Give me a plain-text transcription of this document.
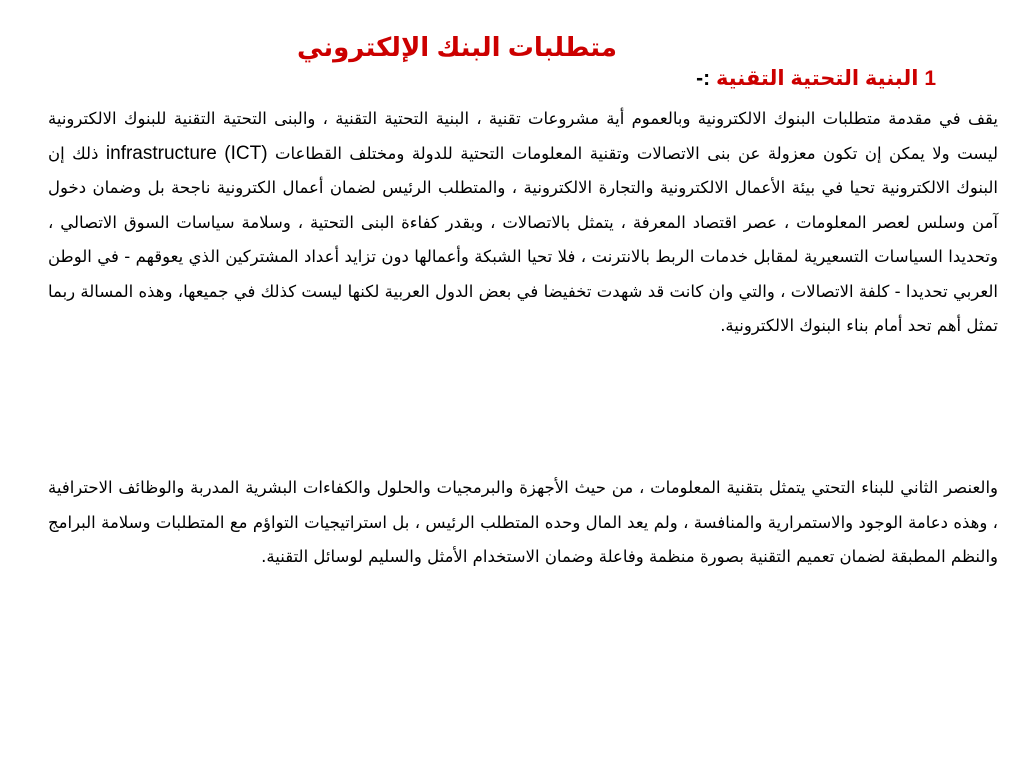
متطلبات البنك الإلكتروني
1 البنية التحتية التقنية :-

يقف في مقدمة متطلبات البنوك الالكترونية وبالعموم أية مشروعات تقنية ، البنية التحتية التقنية ، والبنى التحتية التقنية للبنوك الالكترونية ليست ولا يمكن إن تكون معزولة عن بنى الاتصالات وتقنية المعلومات التحتية للدولة ومختلف القطاعات infrastructure (ICT) ذلك إن البنوك الالكترونية تحيا في بيئة الأعمال الالكترونية والتجارة الالكترونية ، والمتطلب الرئيس لضمان أعمال الكترونية ناجحة بل وضمان دخول آمن وسلس لعصر المعلومات ، عصر اقتصاد المعرفة ، يتمثل بالاتصالات ، وبقدر كفاءة البنى التحتية ، وسلامة سياسات السوق الاتصالي ، وتحديدا السياسات التسعيرية لمقابل خدمات الربط بالانترنت ، فلا تحيا الشبكة وأعمالها دون تزايد أعداد المشتركين الذي يعوقهم - في الوطن العربي تحديدا - كلفة الاتصالات ، والتي وان كانت قد شهدت تخفيضا في بعض الدول العربية لكنها ليست كذلك في جميعها، وهذه المسالة ربما تمثل أهم تحد أمام بناء البنوك الالكترونية.

والعنصر الثاني للبناء التحتي يتمثل بتقنية المعلومات ، من حيث الأجهزة والبرمجيات والحلول والكفاءات البشرية المدربة والوظائف الاحترافية ، وهذه دعامة الوجود والاستمرارية والمنافسة ، ولم يعد المال وحده المتطلب الرئيس ، بل استراتيجيات التواؤم مع المتطلبات وسلامة البرامج والنظم المطبقة لضمان تعميم التقنية بصورة منظمة وفاعلة وضمان الاستخدام الأمثل والسليم لوسائل التقنية.
